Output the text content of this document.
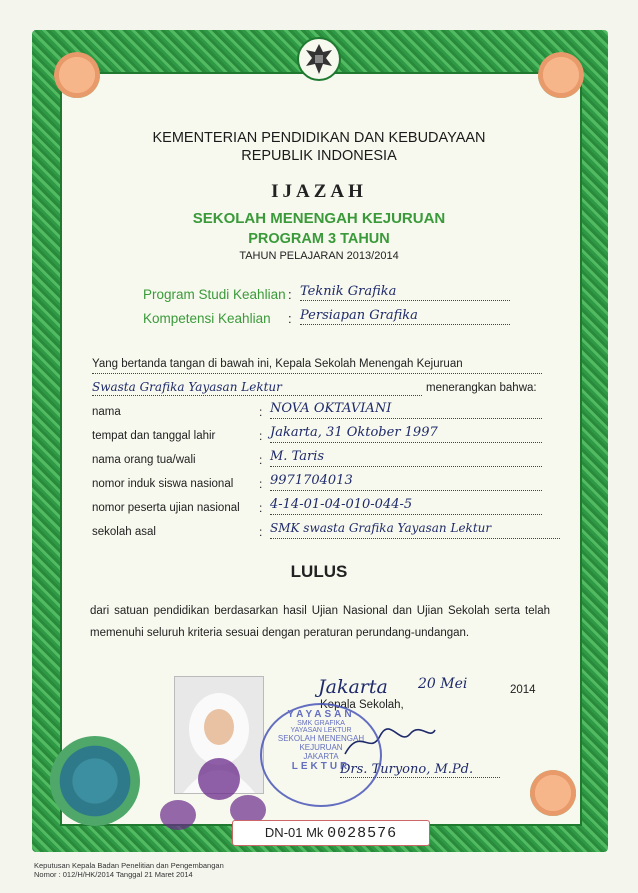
KEMENTERIAN PENDIDIKAN DAN KEBUDAYAAN
REPUBLIK INDONESIA
IJAZAH
SEKOLAH MENENGAH KEJURUAN
PROGRAM 3 TAHUN
TAHUN PELAJARAN 2013/2014
Program Studi Keahlian : Teknik Grafika
Kompetensi Keahlian : Persiapan Grafika
Yang bertanda tangan di bawah ini, Kepala Sekolah Menengah Kejuruan
Swasta Grafika Yayasan Lektur	menerangkan bahwa:
nama	: NOVA OKTAVIANI
tempat dan tanggal lahir	: Jakarta, 31 Oktober 1997
nama orang tua/wali	: M. Taris
nomor induk siswa nasional : 9971704013
nomor peserta ujian nasional : 4-14-01-04-010-044-5
sekolah asal	: SMK swasta Grafika Yayasan Lektur
LULUS
dari satuan pendidikan berdasarkan hasil Ujian Nasional dan Ujian Sekolah serta telah memenuhi seluruh kriteria sesuai dengan peraturan perundang-undangan.
Jakarta 20 Mei	2014
Kepala Sekolah,
Drs. Turyono, M.Pd.
YAYASAN
SMK GRAFIKA
YAYASAN LEKTUR
SEKOLAH MENENGAH
KEJURUAN
JAKARTA
LEKTUR
DN-01 Mk 0028576
Keputusan Kepala Badan Penelitian dan Pengembangan
Nomor : 012/H/HK/2014 Tanggal 21 Maret 2014
